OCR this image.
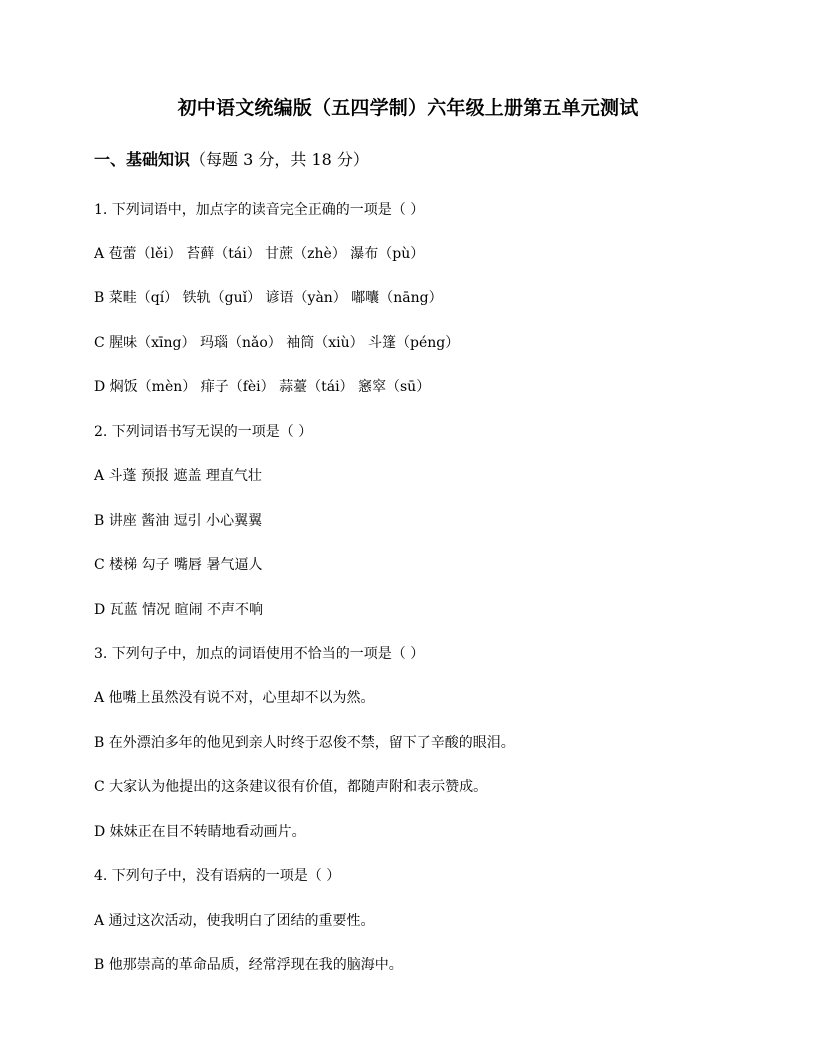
初中语文统编版（五四学制）六年级上册第五单元测试
一、基础知识（每题 3 分，共 18 分）
1. 下列词语中，加点字的读音完全正确的一项是（ ）
A 苞蕾（lěi） 苔藓（tái） 甘蔗（zhè） 瀑布（pù）
B 菜畦（qí） 铁轨（guǐ） 谚语（yàn） 嘟囔（nāng）
C 腥味（xīng） 玛瑙（nǎo） 袖筒（xiù） 斗篷（péng）
D 焖饭（mèn） 痱子（fèi） 蒜薹（tái） 窸窣（sū）
2. 下列词语书写无误的一项是（ ）
A 斗蓬 预报 遮盖 理直气壮
B 讲座 酱油 逗引 小心翼翼
C 楼梯 勾子 嘴唇 暑气逼人
D 瓦蓝 情况 暄闹 不声不响
3. 下列句子中，加点的词语使用不恰当的一项是（ ）
A 他嘴上虽然没有说不对，心里却不以为然。
B 在外漂泊多年的他见到亲人时终于忍俊不禁，留下了辛酸的眼泪。
C 大家认为他提出的这条建议很有价值，都随声附和表示赞成。
D 妹妹正在目不转睛地看动画片。
4. 下列句子中，没有语病的一项是（ ）
A 通过这次活动，使我明白了团结的重要性。
B 他那崇高的革命品质，经常浮现在我的脑海中。
